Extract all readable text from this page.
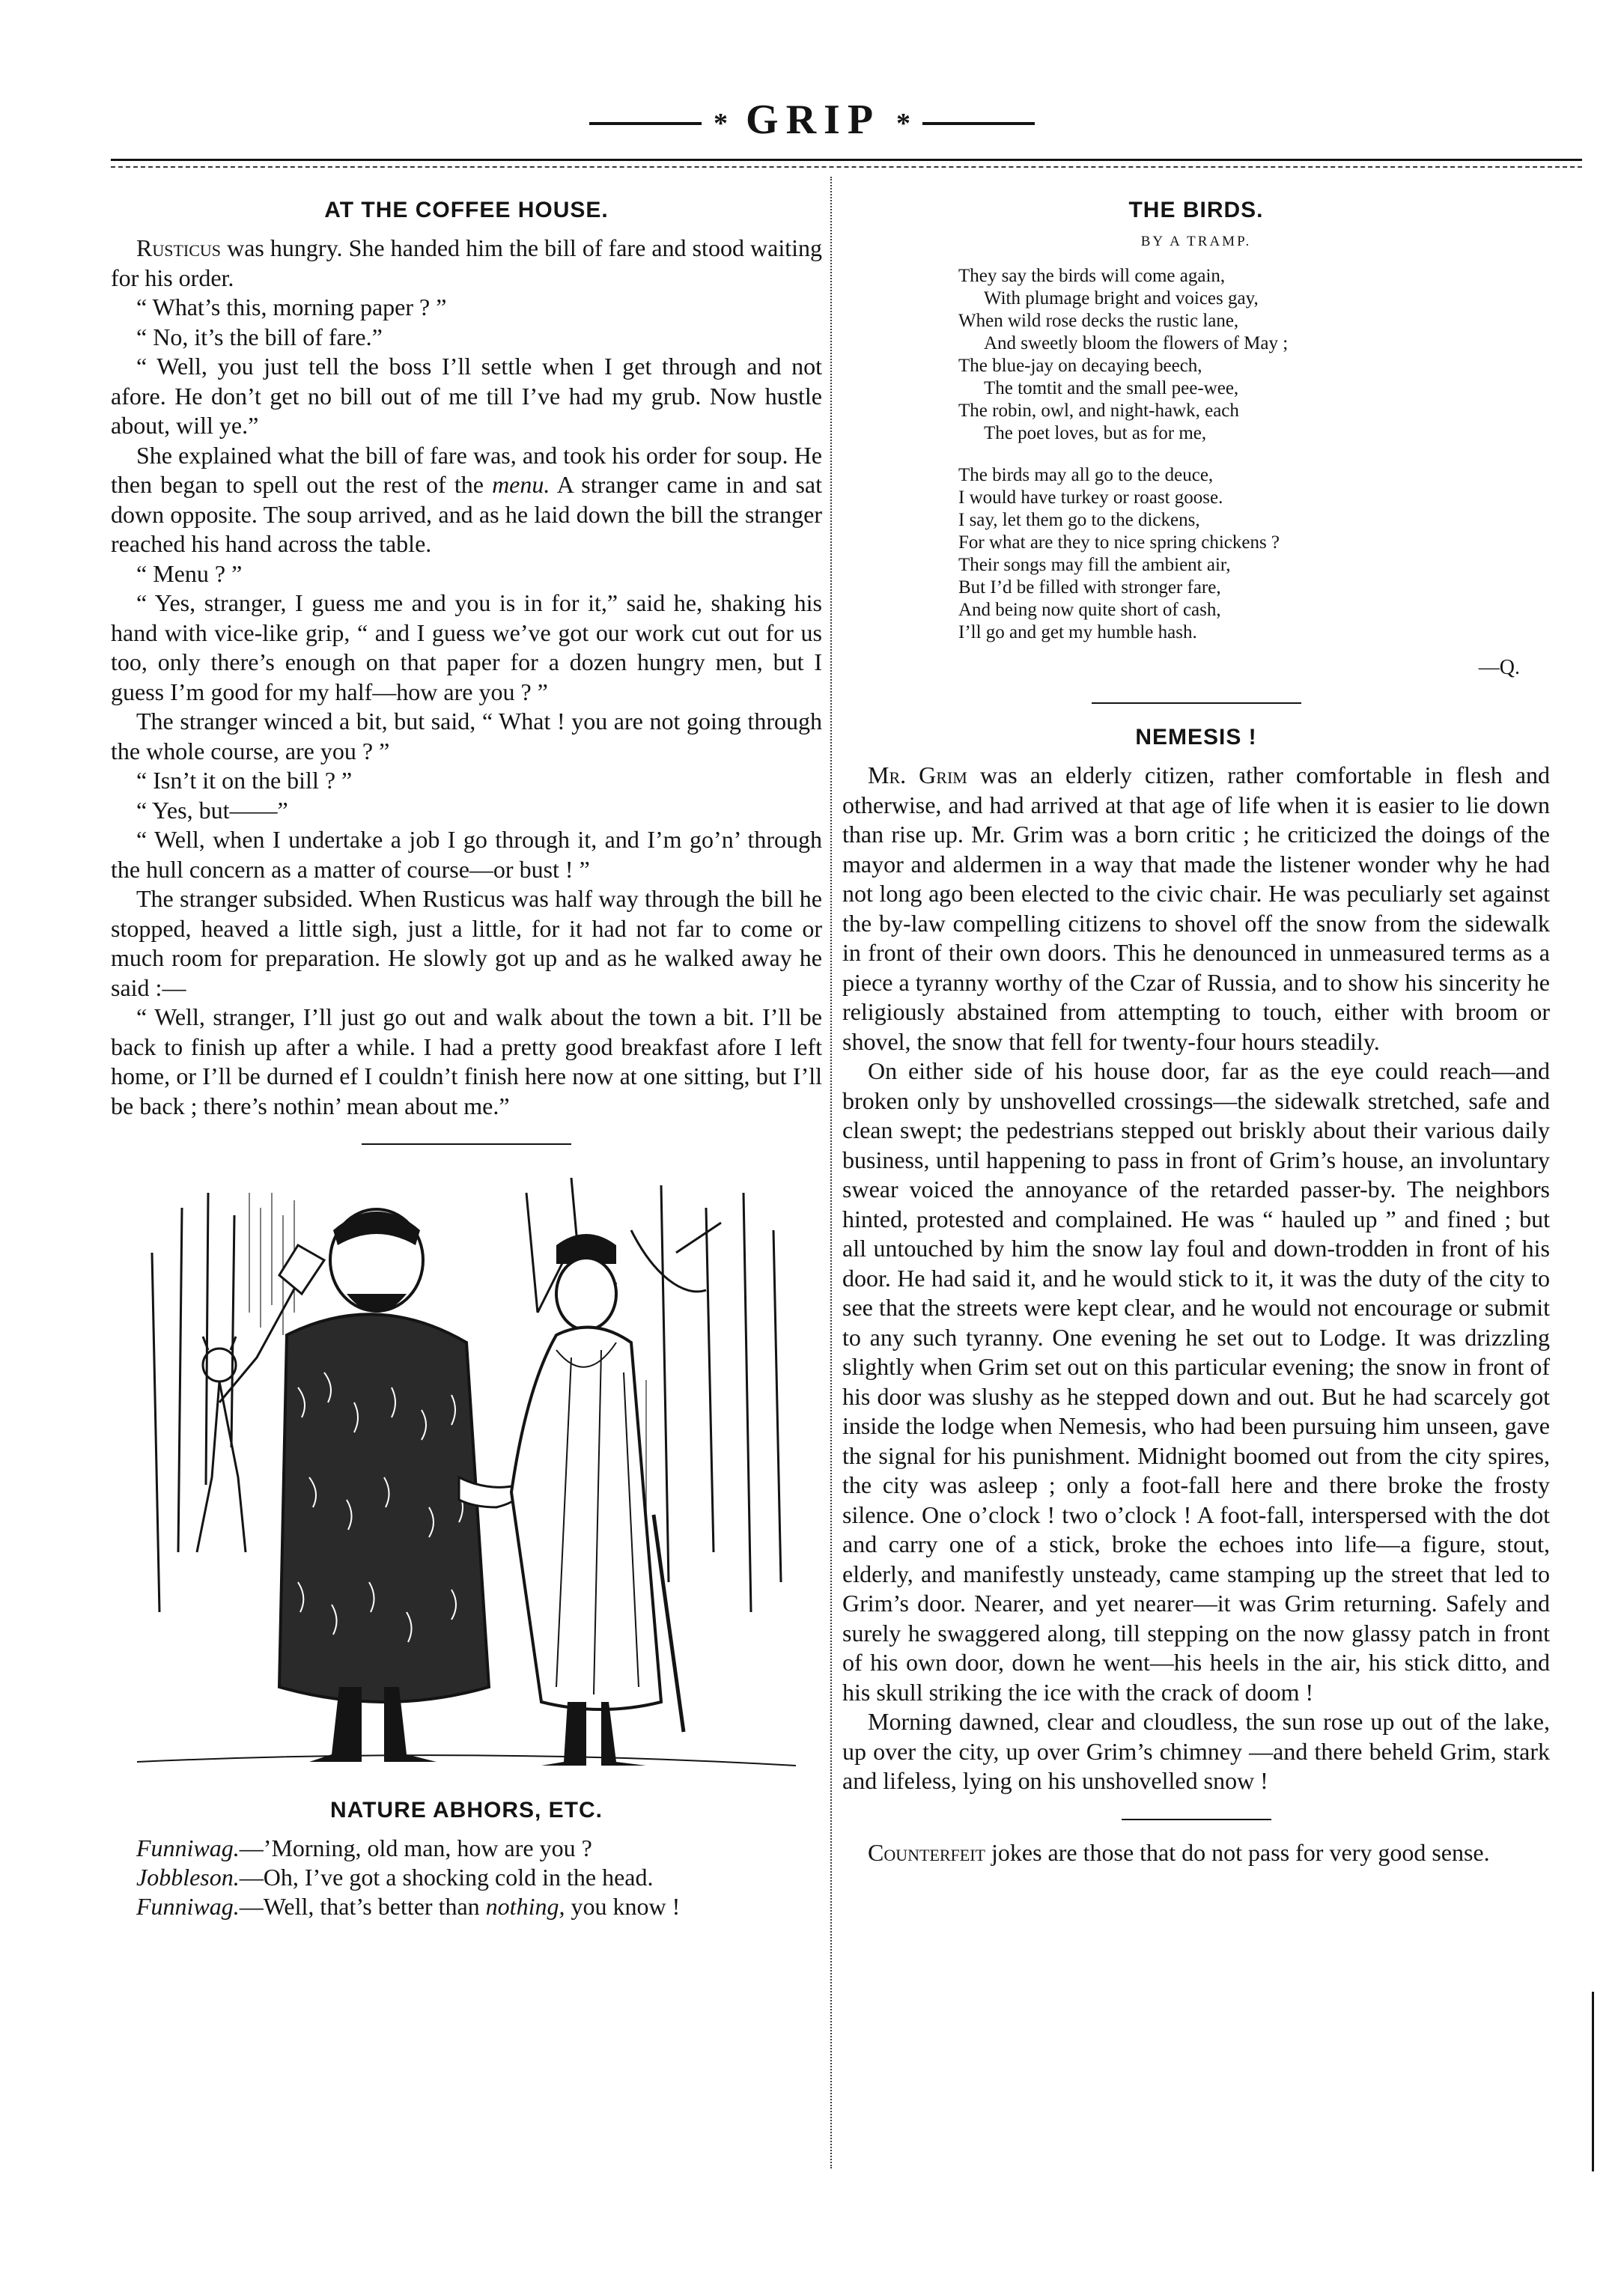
* GRIP *
AT THE COFFEE HOUSE.

Rusticus was hungry. She handed him the bill of fare and stood waiting for his order.

“ What’s this, morning paper ? ”

“ No, it’s the bill of fare.”

“ Well, you just tell the boss I’ll settle when I get through and not afore. He don’t get no bill out of me till I’ve had my grub. Now hustle about, will ye.”

She explained what the bill of fare was, and took his order for soup. He then began to spell out the rest of the menu. A stranger came in and sat down opposite. The soup arrived, and as he laid down the bill the stranger reached his hand across the table.

“ Menu ? ”

“ Yes, stranger, I guess me and you is in for it,” said he, shaking his hand with vice-like grip, “ and I guess we’ve got our work cut out for us too, only there’s enough on that paper for a dozen hungry men, but I guess I’m good for my half—how are you ? ”

The stranger winced a bit, but said, “ What ! you are not going through the whole course, are you ? ”

“ Isn’t it on the bill ? ”

“ Yes, but——”

“ Well, when I undertake a job I go through it, and I’m go’n’ through the hull concern as a matter of course—or bust ! ”

The stranger subsided. When Rusticus was half way through the bill he stopped, heaved a little sigh, just a little, for it had not far to come or much room for preparation. He slowly got up and as he walked away he said :—

“ Well, stranger, I’ll just go out and walk about the town a bit. I’ll be back to finish up after a while. I had a pretty good breakfast afore I left home, or I’ll be durned ef I couldn’t finish here now at one sitting, but I’ll be back ; there’s nothin’ mean about me.”

NATURE ABHORS, ETC.

Funniwag.—’Morning, old man, how are you ?

Jobbleson.—Oh, I’ve got a shocking cold in the head.

Funniwag.—Well, that’s better than nothing, you know !

THE BIRDS.
BY A TRAMP.
They say the birds will come again,
With plumage bright and voices gay,
When wild rose decks the rustic lane,
And sweetly bloom the flowers of May ;
The blue-jay on decaying beech,
The tomtit and the small pee-wee,
The robin, owl, and night-hawk, each
The poet loves, but as for me,
The birds may all go to the deuce,
I would have turkey or roast goose.
I say, let them go to the dickens,
For what are they to nice spring chickens ?
Their songs may fill the ambient air,
But I’d be filled with stronger fare,
And being now quite short of cash,
I’ll go and get my humble hash.
—Q.
NEMESIS !

Mr. Grim was an elderly citizen, rather comfortable in flesh and otherwise, and had arrived at that age of life when it is easier to lie down than rise up. Mr. Grim was a born critic ; he criticized the doings of the mayor and aldermen in a way that made the listener wonder why he had not long ago been elected to the civic chair. He was peculiarly set against the by-law compelling citizens to shovel off the snow from the sidewalk in front of their own doors. This he denounced in unmeasured terms as a piece a tyranny worthy of the Czar of Russia, and to show his sincerity he religiously abstained from attempting to touch, either with broom or shovel, the snow that fell for twenty-four hours steadily.

On either side of his house door, far as the eye could reach—and broken only by unshovelled crossings—the sidewalk stretched, safe and clean swept; the pedestrians stepped out briskly about their various daily business, until happening to pass in front of Grim’s house, an involuntary swear voiced the annoyance of the retarded passer-by. The neighbors hinted, protested and complained. He was “ hauled up ” and fined ; but all untouched by him the snow lay foul and down-trodden in front of his door. He had said it, and he would stick to it, it was the duty of the city to see that the streets were kept clear, and he would not encourage or submit to any such tyranny. One evening he set out to Lodge. It was drizzling slightly when Grim set out on this particular evening; the snow in front of his door was slushy as he stepped down and out. But he had scarcely got inside the lodge when Nemesis, who had been pursuing him unseen, gave the signal for his punishment. Midnight boomed out from the city spires, the city was asleep ; only a foot-fall here and there broke the frosty silence. One o’clock ! two o’clock ! A foot-fall, interspersed with the dot and carry one of a stick, broke the echoes into life—a figure, stout, elderly, and manifestly unsteady, came stamping up the street that led to Grim’s door. Nearer, and yet nearer—it was Grim returning. Safely and surely he swaggered along, till stepping on the now glassy patch in front of his own door, down he went—his heels in the air, his stick ditto, and his skull striking the ice with the crack of doom !

Morning dawned, clear and cloudless, the sun rose up out of the lake, up over the city, up over Grim’s chimney —and there beheld Grim, stark and lifeless, lying on his unshovelled snow !

Counterfeit jokes are those that do not pass for very good sense.
